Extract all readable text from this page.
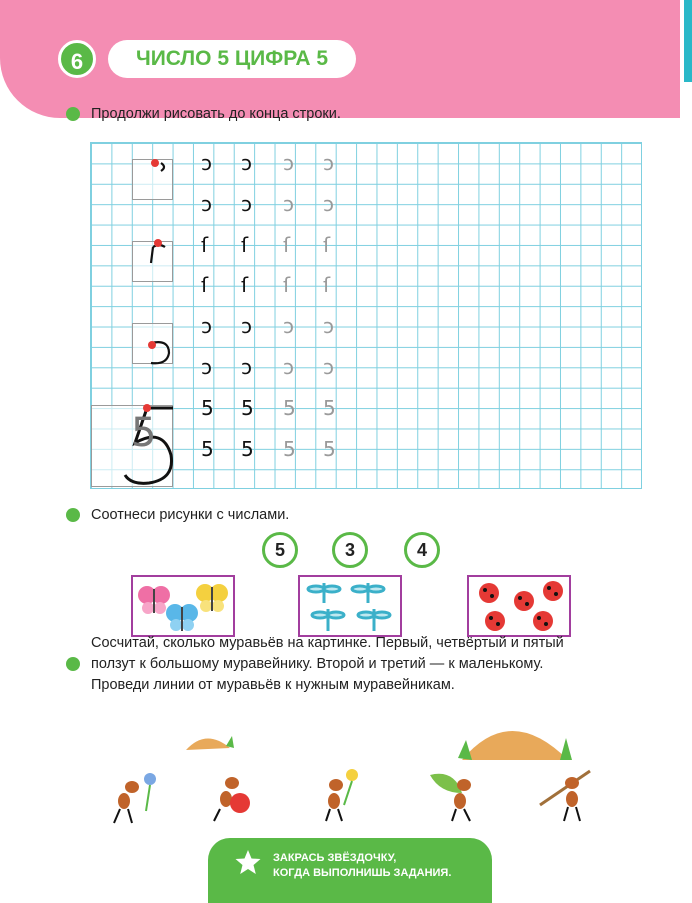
6	ЧИСЛО 5 ЦИФРА 5
Продолжи рисовать до конца строки.
5
ɔ ɔ ɔ ɔ
ɔ ɔ ɔ ɔ
ſ ſ ſ ſ
ſ ſ ſ ſ
ɔ ɔ ɔ ɔ
ɔ ɔ ɔ ɔ
5 5 5 5
5 5 5 5
Соотнеси рисунки с числами.
5	3	4
Сосчитай, сколько муравьёв на картинке. Первый, четвёртый и пятый
ползут к большому муравейнику. Второй и третий — к маленькому.
Проведи линии от муравьёв к нужным муравейникам.
ЗАКРАСЬ ЗВЁЗДОЧКУ,
КОГДА ВЫПОЛНИШЬ ЗАДАНИЯ.
